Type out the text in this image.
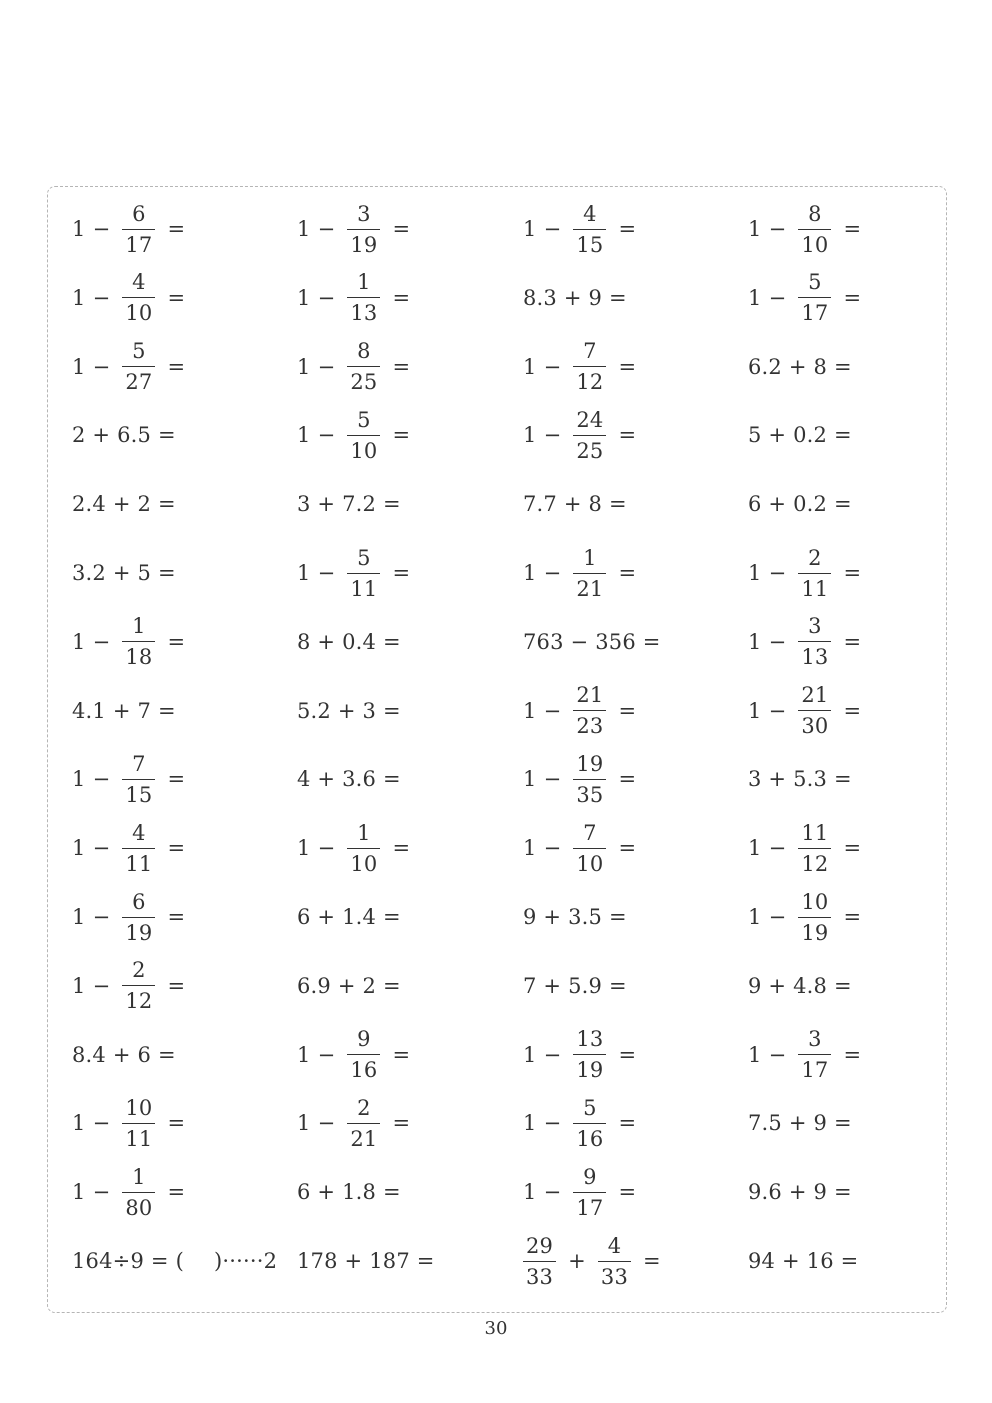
$1 - \frac{6}{17}$ =	$1 - \frac{3}{19}$ =	$1 - \frac{4}{15}$ =	$1 - \frac{8}{10}$ =
$1 - \frac{4}{10}$ =	$1 - \frac{1}{13}$ =	8.3 + 9 =	$1 - \frac{5}{17}$ =
$1 - \frac{5}{27}$ =	$1 - \frac{8}{25}$ =	$1 - \frac{7}{12}$ =	6.2 + 8 =
2 + 6.5 =	$1 - \frac{5}{10}$ =	$1 - \frac{24}{25}$ =	5 + 0.2 =
2.4 + 2 =	3 + 7.2 =	7.7 + 8 =	6 + 0.2 =
3.2 + 5 =	$1 - \frac{5}{11}$ =	$1 - \frac{1}{21}$ =	$1 - \frac{2}{11}$ =
$1 - \frac{1}{18}$ =	8 + 0.4 =	763 − 356 =	$1 - \frac{3}{13}$ =
4.1 + 7 =	5.2 + 3 =	$1 - \frac{21}{23}$ =	$1 - \frac{21}{30}$ =
$1 - \frac{7}{15}$ =	4 + 3.6 =	$1 - \frac{19}{35}$ =	3 + 5.3 =
$1 - \frac{4}{11}$ =	$1 - \frac{1}{10}$ =	$1 - \frac{7}{10}$ =	$1 - \frac{11}{12}$ =
$1 - \frac{6}{19}$ =	6 + 1.4 =	9 + 3.5 =	$1 - \frac{10}{19}$ =
$1 - \frac{2}{12}$ =	6.9 + 2 =	7 + 5.9 =	9 + 4.8 =
8.4 + 6 =	$1 - \frac{9}{16}$ =	$1 - \frac{13}{19}$ =	$1 - \frac{3}{17}$ =
$1 - \frac{10}{11}$ =	$1 - \frac{2}{21}$ =	$1 - \frac{5}{16}$ =	7.5 + 9 =
$1 - \frac{1}{80}$ =	6 + 1.8 =	$1 - \frac{9}{17}$ =	9.6 + 9 =
164÷9 = ( )······2 178 + 187 =	$\frac{29}{33} + \frac{4}{33}$ =	94 + 16 =
30
